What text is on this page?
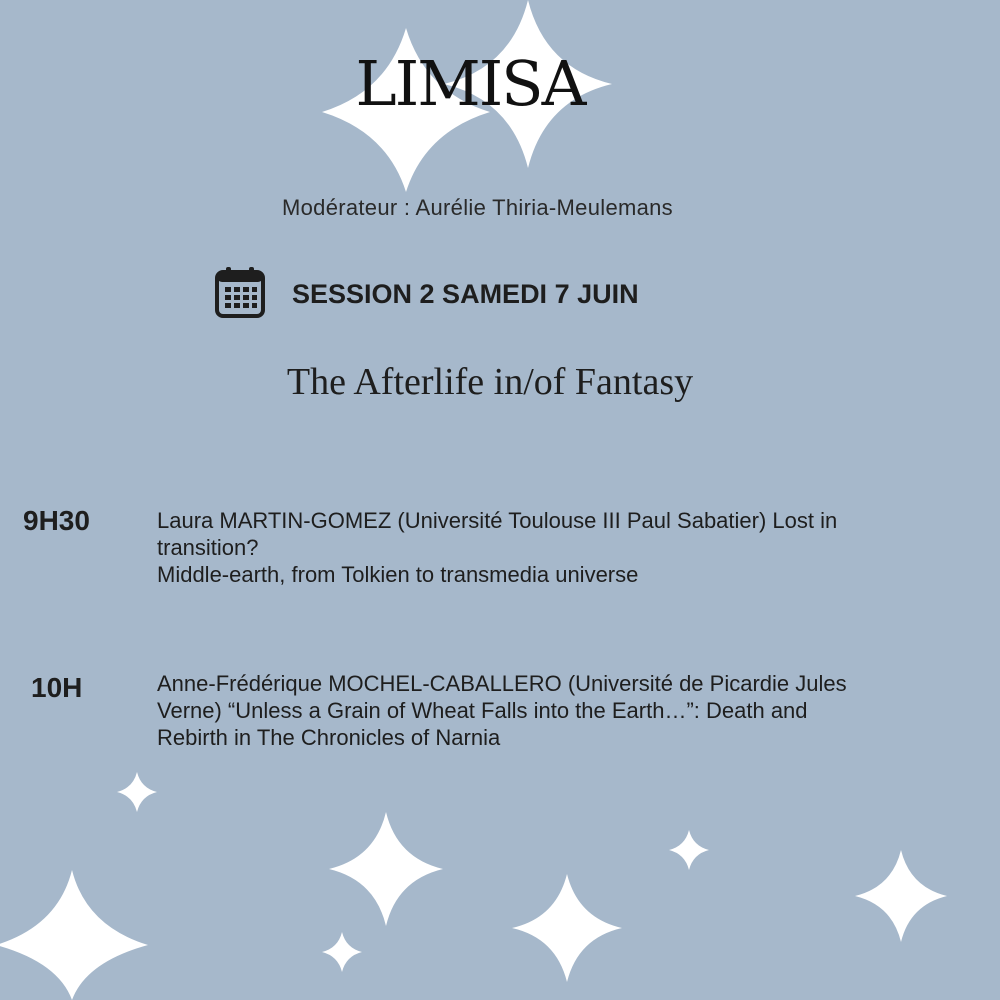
LIMISA
Modérateur : Aurélie Thiria-Meulemans
SESSION 2 SAMEDI 7 JUIN
The Afterlife in/of Fantasy
9H30	Laura MARTIN-GOMEZ (Université Toulouse III Paul Sabatier) Lost in
transition?
Middle-earth, from Tolkien to transmedia universe
10H	Anne-Frédérique MOCHEL-CABALLERO (Université de Picardie Jules
Verne) “Unless a Grain of Wheat Falls into the Earth…”: Death and
Rebirth in The Chronicles of Narnia
